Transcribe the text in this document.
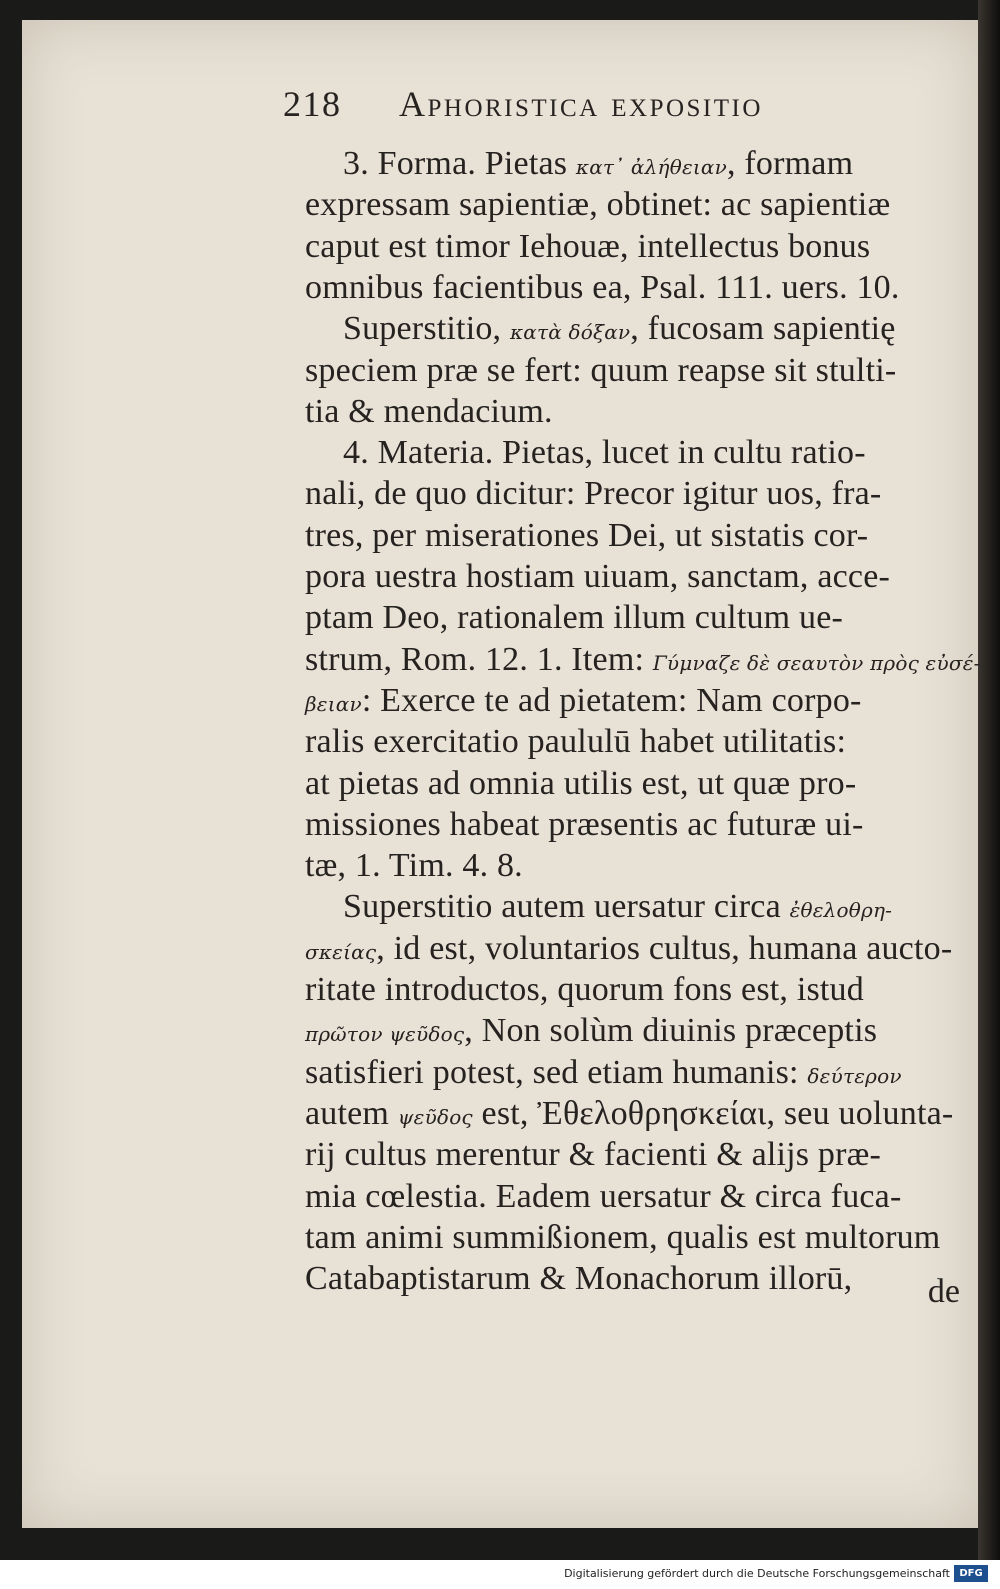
218 Aphoristica expositio
3. Forma. Pietas κατ᾽ ἀλήθειαν, formam
expressam sapientiæ, obtinet: ac sapientiæ
caput est timor Iehouæ, intellectus bonus
omnibus facientibus ea, Psal. 111. uers. 10.
Superstitio, κατὰ δόξαν, fucosam sapientię
speciem præ se fert: quum reapse sit stulti-
tia & mendacium.
4. Materia. Pietas, lucet in cultu ratio-
nali, de quo dicitur: Precor igitur uos, fra-
tres, per miserationes Dei, ut sistatis cor-
pora uestra hostiam uiuam, sanctam, acce-
ptam Deo, rationalem illum cultum ue-
strum, Rom. 12. 1. Item: Γύμναζε δὲ σεαυτὸν πρὸς εὐσέ-
βειαν: Exerce te ad pietatem: Nam corpo-
ralis exercitatio paululū habet utilitatis:
at pietas ad omnia utilis est, ut quæ pro-
missiones habeat præsentis ac futuræ ui-
tæ, 1. Tim. 4. 8.
Superstitio autem uersatur circa ἐθελοθρη-
σκείας, id est, voluntarios cultus, humana aucto-
ritate introductos, quorum fons est, istud
πρῶτον ψεῦδος, Non solùm diuinis præceptis
satisfieri potest, sed etiam humanis: δεύτερον
autem ψεῦδος est, Ἐθελοθρησκείαι, seu uolunta-
rij cultus merentur & facienti & alijs præ-
mia cœlestia. Eadem uersatur & circa fuca-
tam animi summißionem, qualis est multorum
Catabaptistarum & Monachorum illorū, de
Digitalisierung gefördert durch die Deutsche Forschungsgemeinschaft DFG
